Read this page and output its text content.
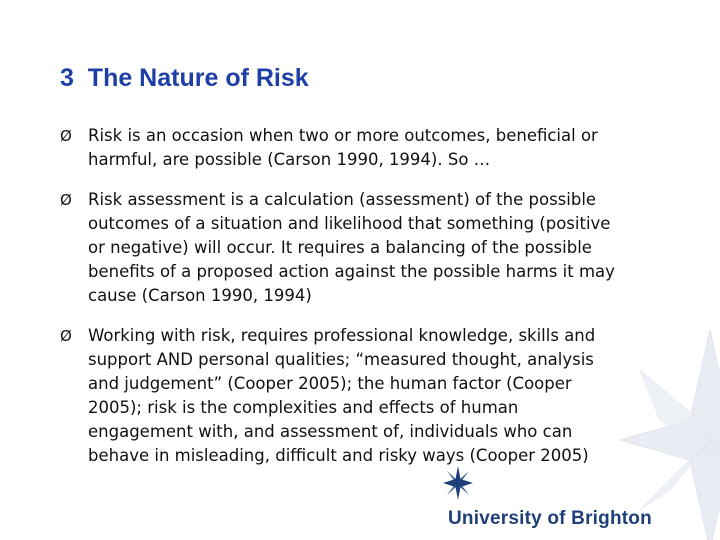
3  The Nature of Risk
Ø Risk is an occasion when two or more outcomes, beneficial or
harmful, are possible (Carson 1990, 1994). So …
Ø Risk assessment is a calculation (assessment) of the possible
outcomes of a situation and likelihood that something (positive
or negative) will occur. It requires a balancing of the possible
benefits of a proposed action against the possible harms it may
cause (Carson 1990, 1994)
Ø Working with risk, requires professional knowledge, skills and
support AND personal qualities; “measured thought, analysis
and judgement” (Cooper 2005); the human factor (Cooper
2005); risk is the complexities and effects of human
engagement with, and assessment of, individuals who can
behave in misleading, difficult and risky ways (Cooper 2005)
University of Brighton
